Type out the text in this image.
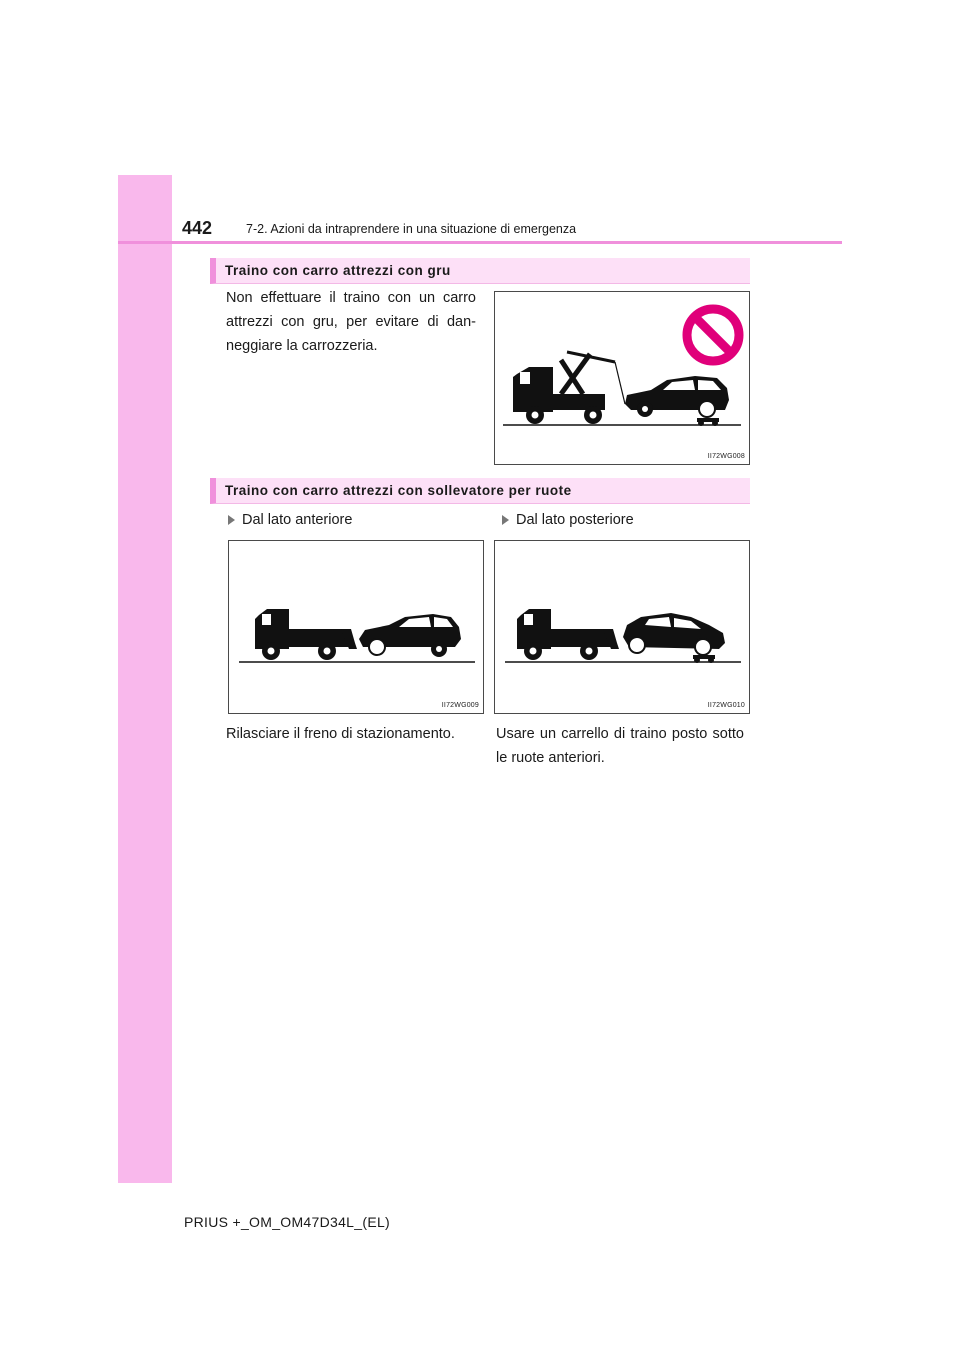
442	7-2. Azioni da intraprendere in una situazione di emergenza
Traino con carro attrezzi con gru

Non effettuare il traino con un carro attrezzi con gru, per evitare di dan-neggiare la carrozzeria.

II72WG008
Traino con carro attrezzi con sollevatore per ruote
Dal lato anteriore	Dal lato posteriore
II72WG009	II72WG010

Rilasciare il freno di stazionamento.	Usare un carrello di traino posto sotto le ruote anteriori.

PRIUS +_OM_OM47D34L_(EL)
